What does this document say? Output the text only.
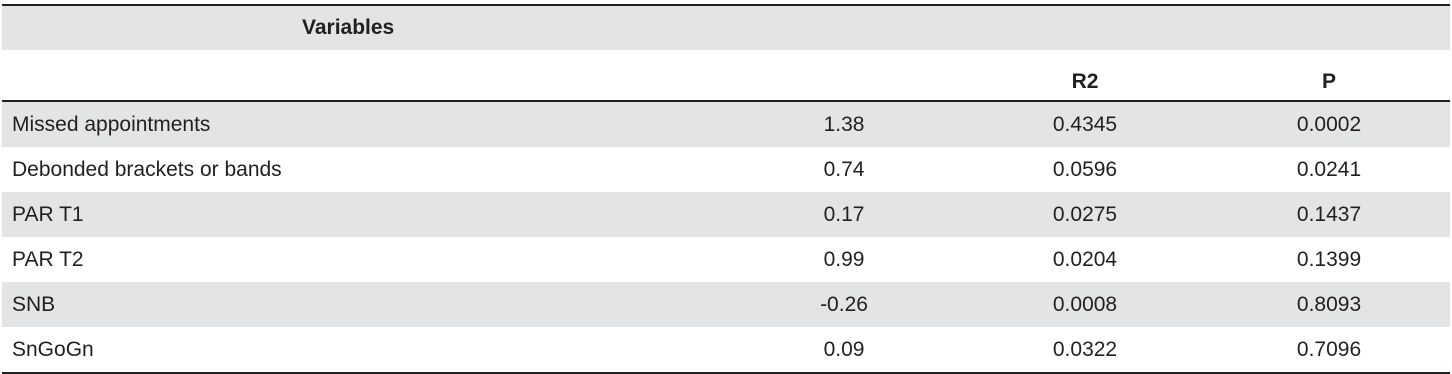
Variables			
		R2	P
Missed appointments	1.38	0.4345	0.0002
Debonded brackets or bands	0.74	0.0596	0.0241
PAR T1	0.17	0.0275	0.1437
PAR T2	0.99	0.0204	0.1399
SNB	-0.26	0.0008	0.8093
SnGoGn	0.09	0.0322	0.7096
